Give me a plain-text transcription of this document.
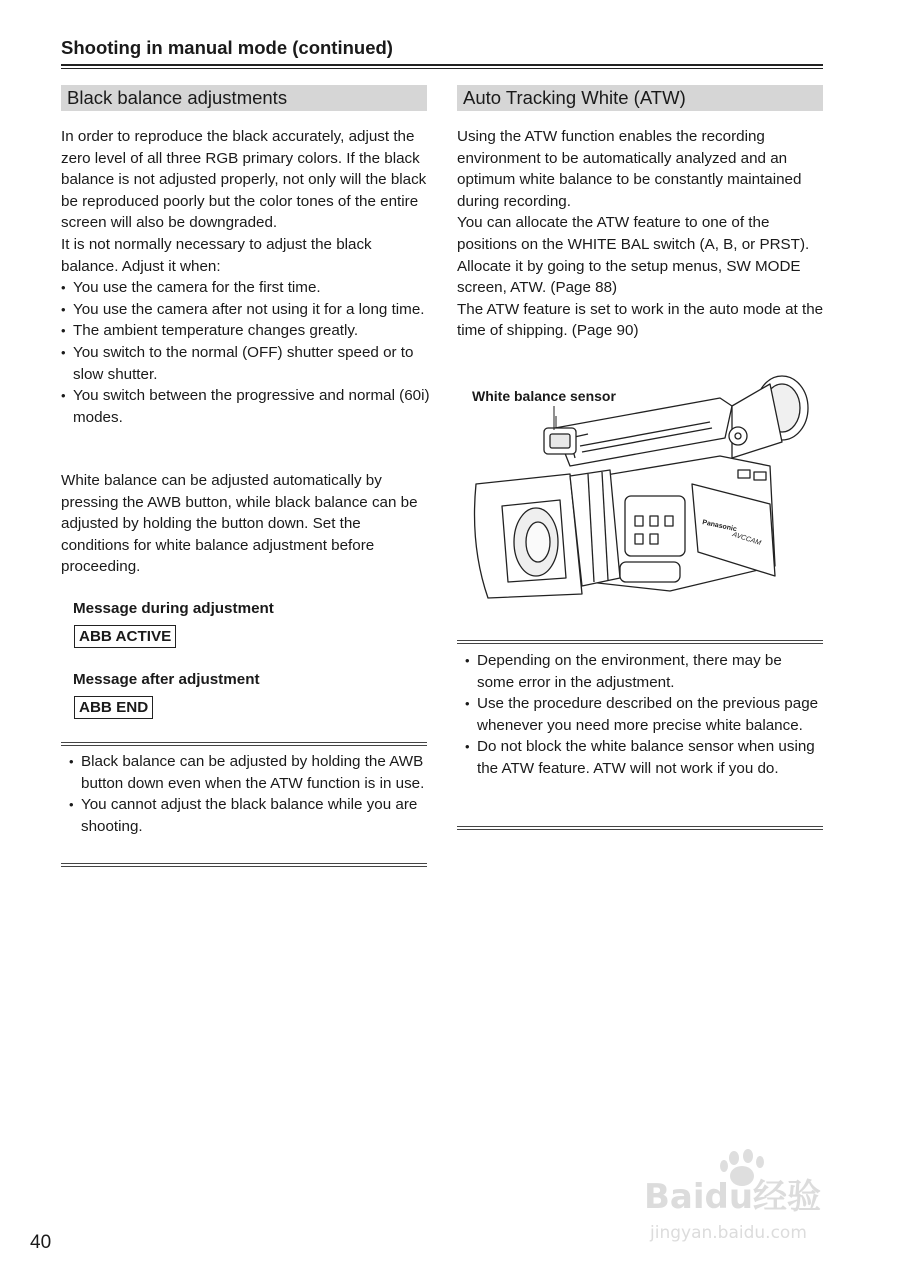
Shooting in manual mode (continued)
Black balance adjustments

In order to reproduce the black accurately, adjust the zero level of all three RGB primary colors. If the black balance is not adjusted properly, not only will the black be reproduced poorly but the color tones of the entire screen will also be downgraded.

It is not normally necessary to adjust the black balance. Adjust it when:

• You use the camera for the first time.
• You use the camera after not using it for a long time.
• The ambient temperature changes greatly.
• You switch to the normal (OFF) shutter speed or to slow shutter.
• You switch between the progressive and normal (60i) modes.
White balance can be adjusted automatically by pressing the AWB button, while black balance can be adjusted by holding the button down. Set the conditions for white balance adjustment before proceeding.
Message during adjustment
ABB ACTIVE
Message after adjustment
ABB END
• Black balance can be adjusted by holding the AWB button down even when the ATW function is in use.
• You cannot adjust the black balance while you are shooting.
Auto Tracking White (ATW)

Using the ATW function enables the recording environment to be automatically analyzed and an optimum white balance to be constantly maintained during recording.

You can allocate the ATW feature to one of the positions on the WHITE BAL switch (A, B, or PRST). Allocate it by going to the setup menus, SW MODE screen, ATW. (Page 88)

The ATW feature is set to work in the auto mode at the time of shipping. (Page 90)

Panasonic
AVCCAM
White balance sensor
• Depending on the environment, there may be some error in the adjustment.
• Use the procedure described on the previous page whenever you need more precise white balance.
• Do not block the white balance sensor when using the ATW feature. ATW will not work if you do.
40
Baidu经验
jingyan.baidu.com
